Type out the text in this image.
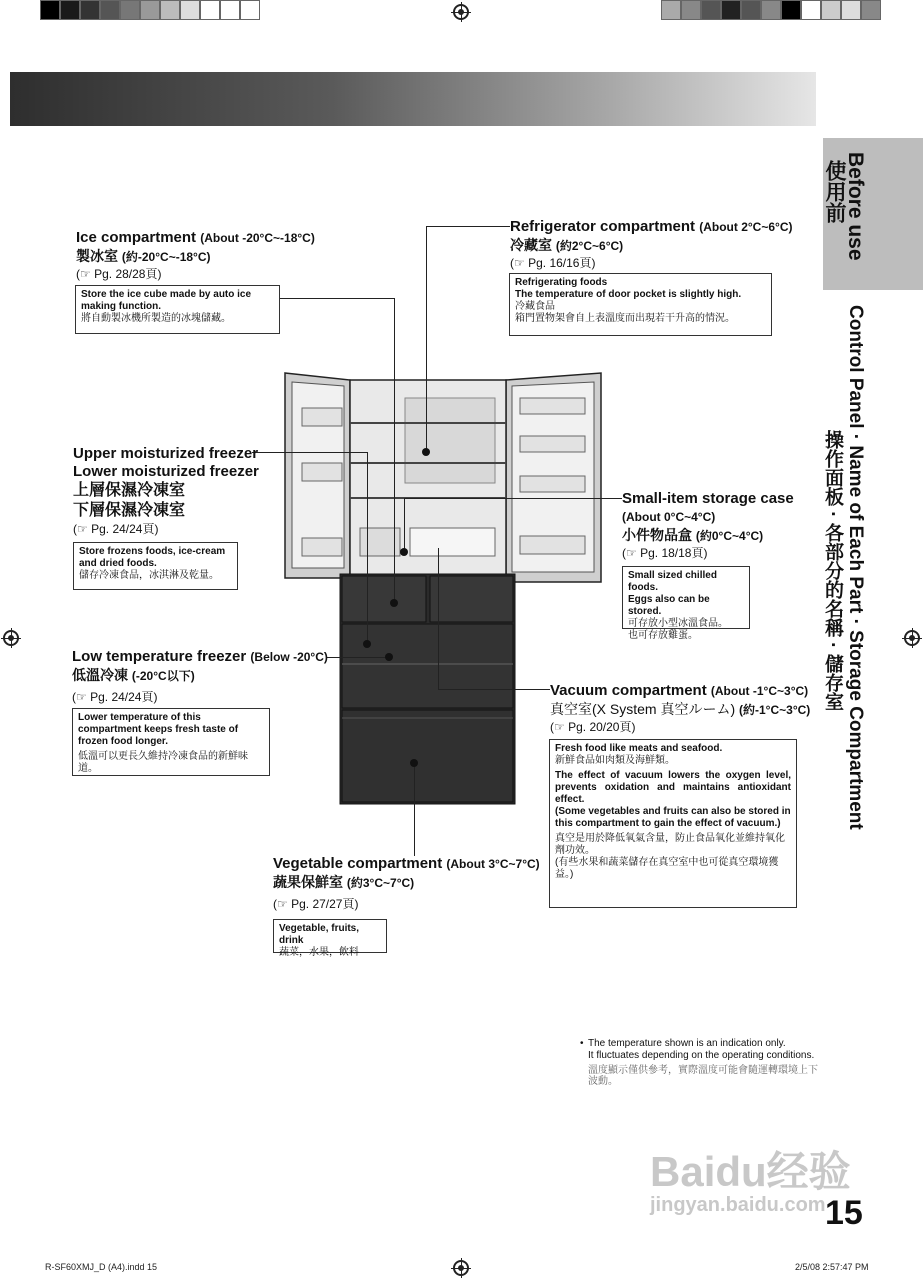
Before use
使用前
Control Panel · Name of Each Part · Storage Compartment
操作面板 · 各部分的名稱 · 儲存室
Ice compartment (About -20°C~-18°C)
製冰室 (約-20°C~-18°C)
(☞ Pg. 28/28頁)

Store the ice cube made by auto ice making function.

將自動製冰機所製造的冰塊儲藏。

Refrigerator compartment (About 2°C~6°C)
冷藏室 (約2°C~6°C)
(☞ Pg. 16/16頁)

Refrigerating foods

The temperature of door pocket is slightly high.

冷藏食品

箱門置物架會自上表溫度而出現若干升高的情況。

Upper moisturized freezer
Lower moisturized freezer
上層保濕冷凍室
下層保濕冷凍室
(☞ Pg. 24/24頁)

Store frozens foods, ice-cream and dried foods.

儲存冷凍食品，冰淇淋及乾量。

Small-item storage case
(About 0°C~4°C)
小件物品盒 (約0°C~4°C)
(☞ Pg. 18/18頁)

Small sized chilled foods.

Eggs also can be stored.

可存放小型冰溫食品。

也可存放雞蛋。

Low temperature freezer (Below -20°C)
低溫冷凍 (-20°C以下)
(☞ Pg. 24/24頁)

Lower temperature of this compartment keeps fresh taste of frozen food longer.

低溫可以更長久維持冷凍食品的新鮮味道。

Vacuum compartment (About -1°C~3°C)
真空室(X System 真空ルーム) (約-1°C~3°C)
(☞ Pg. 20/20頁)

Fresh food like meats and seafood.

新鮮食品如肉類及海鮮類。

The effect of vacuum lowers the oxygen level, prevents oxidation and maintains antioxidant effect.

(Some vegetables and fruits can also be stored in this compartment to gain the effect of vacuum.)

真空是用於降低氧氣含量，防止食品氧化並維持氧化劑功效。

(有些水果和蔬菜儲存在真空室中也可從真空環境獲益。)

Vegetable compartment (About 3°C~7°C)
蔬果保鮮室 (約3°C~7°C)
(☞ Pg. 27/27頁)

Vegetable, fruits, drink

蔬菜，水果，飲料

• The temperature shown is an indication only.
It fluctuates depending on the operating conditions.
溫度顯示僅供參考，實際溫度可能會隨運轉環境上下波動。
Baidu经验
jingyan.baidu.com 15
R-SF60XMJ_D (A4).indd 15	2/5/08 2:57:47 PM
